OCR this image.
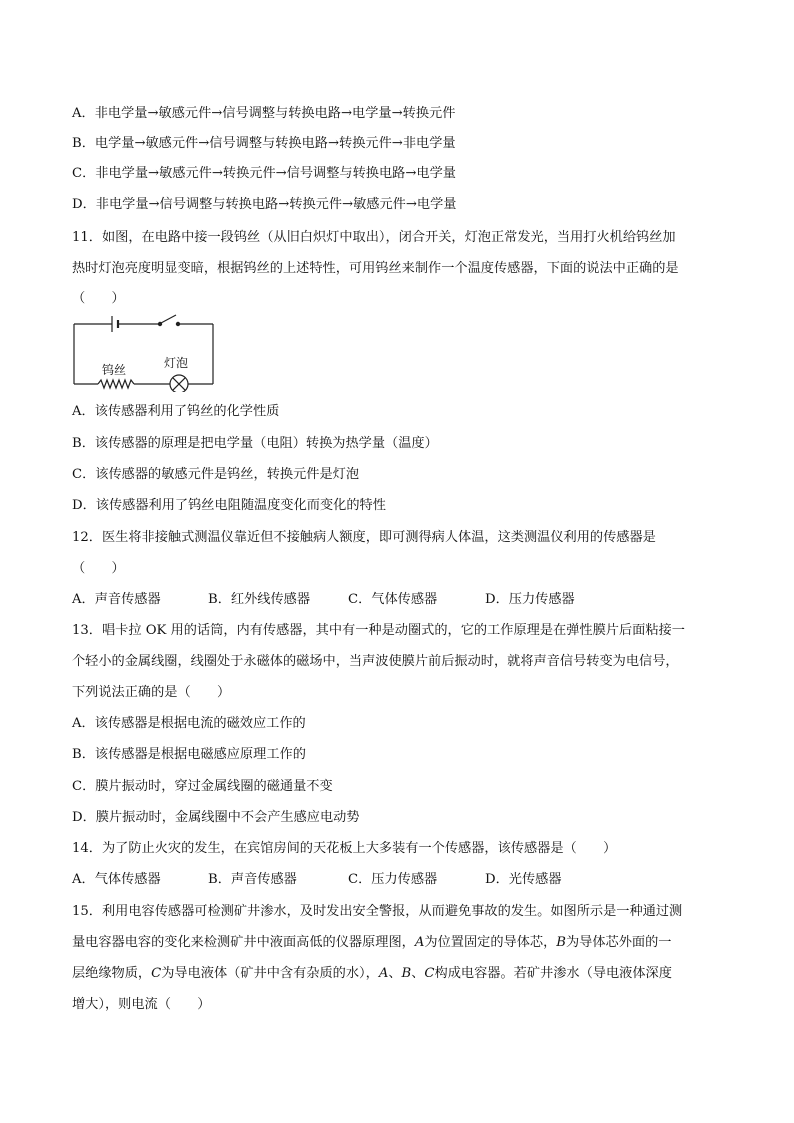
A．非电学量→敏感元件→信号调整与转换电路→电学量→转换元件
B．电学量→敏感元件→信号调整与转换电路→转换元件→非电学量
C．非电学量→敏感元件→转换元件→信号调整与转换电路→电学量
D．非电学量→信号调整与转换电路→转换元件→敏感元件→电学量
11．如图，在电路中接一段钨丝（从旧白炽灯中取出），闭合开关，灯泡正常发光，当用打火机给钨丝加
热时灯泡亮度明显变暗，根据钨丝的上述特性，可用钨丝来制作一个温度传感器，下面的说法中正确的是
（　　）
钨丝	灯泡
A．该传感器利用了钨丝的化学性质
B．该传感器的原理是把电学量（电阻）转换为热学量（温度）
C．该传感器的敏感元件是钨丝，转换元件是灯泡
D．该传感器利用了钨丝电阻随温度变化而变化的特性
12．医生将非接触式测温仪靠近但不接触病人额度，即可测得病人体温，这类测温仪利用的传感器是
（　　）
A．声音传感器	B．红外线传感器	C．气体传感器	D．压力传感器
13．唱卡拉 OK 用的话筒，内有传感器，其中有一种是动圈式的，它的工作原理是在弹性膜片后面粘接一
个轻小的金属线圈，线圈处于永磁体的磁场中，当声波使膜片前后振动时，就将声音信号转变为电信号，
下列说法正确的是（　　）
A．该传感器是根据电流的磁效应工作的
B．该传感器是根据电磁感应原理工作的
C．膜片振动时，穿过金属线圈的磁通量不变
D．膜片振动时，金属线圈中不会产生感应电动势
14．为了防止火灾的发生，在宾馆房间的天花板上大多装有一个传感器，该传感器是（　　）
A．气体传感器	B．声音传感器	C．压力传感器	D．光传感器
15．利用电容传感器可检测矿井渗水，及时发出安全警报，从而避免事故的发生。如图所示是一种通过测
量电容器电容的变化来检测矿井中液面高低的仪器原理图，A为位置固定的导体芯，B为导体芯外面的一
层绝缘物质，C为导电液体（矿井中含有杂质的水），A、B、C构成电容器。若矿井渗水（导电液体深度
增大），则电流（　　）
